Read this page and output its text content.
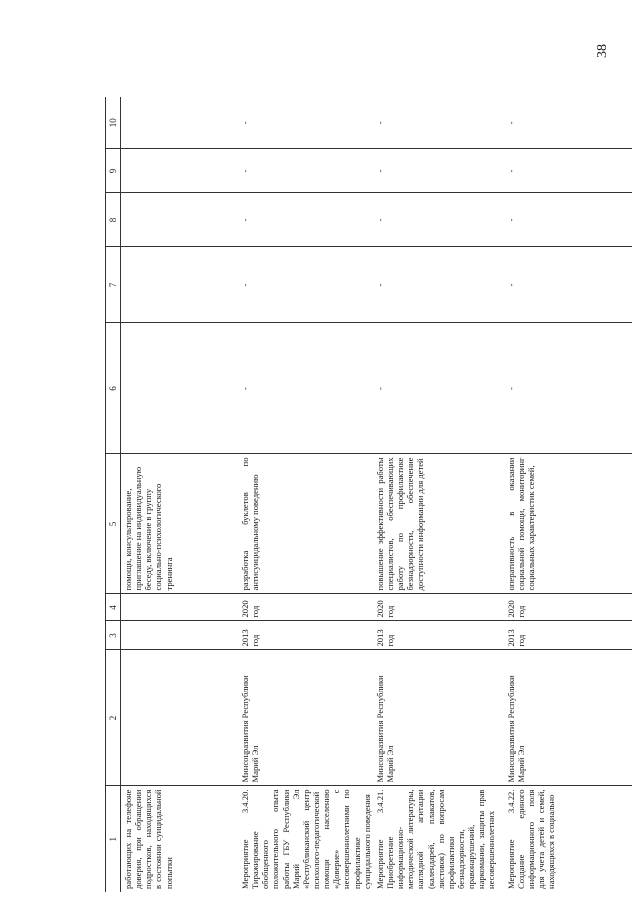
38
1	2	3	4	5	6	7	8	9	10
работающих на телефоне доверия, при обращении подростков, находящихся в состоянии суицидальной попытки				помощи, консультирование, приглашение на индивидуальную беседу, включение в группу социально-психологического тренинга					
Мероприятие 3.4.20. Тиражирование обобщенного положительного опыта работы ГБУ Республики Марий Эл «Республиканский центр психолого-педагогической помощи населению «Доверие» с несовершеннолетними по профилактике суицидального поведения	Минсоцразвития Республики Марий Эл	2013 год	2020 год	разработка буклетов по антисуицидальному поведению	-	-	-	-	-
Мероприятие 3.4.21. Приобретение информационно-методической литературы, наглядной агитации (календарей, плакатов, листовок) по вопросам профилактики безнадзорности, правонарушений, наркомании, защиты прав несовершеннолетних	Минсоцразвития Республики Марий Эл	2013 год	2020 год	повышение эффективности работы специалистов, обеспечивающих работу по профилактике безнадзорности, обеспечение доступности информации для детей	-	-	-	-	-
Мероприятие 3.4.22. Создание единого информационного поля для учета детей и семей, находящихся в социально	Минсоцразвития Республики Марий Эл	2013 год	2020 год	оперативность в оказании социальной помощи, мониторинг социальных характеристик семей,	-	-	-	-	-
